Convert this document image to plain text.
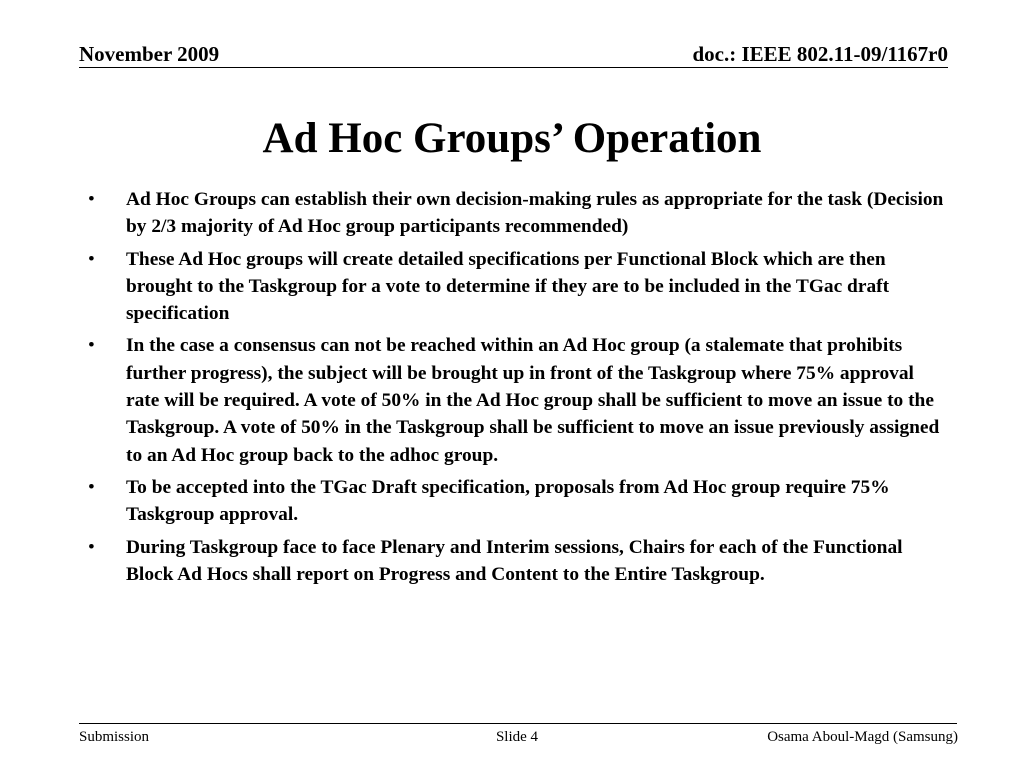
November 2009	doc.: IEEE 802.11-09/1167r0
Ad Hoc Groups’ Operation
• Ad Hoc Groups can establish their own decision-making rules as appropriate for the task (Decision by 2/3 majority of Ad Hoc group participants recommended)
• These Ad Hoc groups will create detailed specifications per Functional Block which are then brought to the Taskgroup for a vote to determine if they are to be included in the TGac draft specification
• In the case a consensus can not be reached within an Ad Hoc group (a stalemate that prohibits further progress), the subject will be brought up in front of the Taskgroup where 75% approval rate will be required. A vote of 50% in the Ad Hoc group shall be sufficient to move an issue to the Taskgroup. A vote of 50% in the Taskgroup shall be sufficient to move an issue previously assigned to an Ad Hoc group back to the adhoc group.
• To be accepted into the TGac Draft specification, proposals from Ad Hoc group require 75% Taskgroup approval.
• During Taskgroup face to face Plenary and Interim sessions, Chairs for each of the Functional Block Ad Hocs shall report on Progress and Content to the Entire Taskgroup.
Submission	Slide 4	Osama Aboul-Magd (Samsung)
